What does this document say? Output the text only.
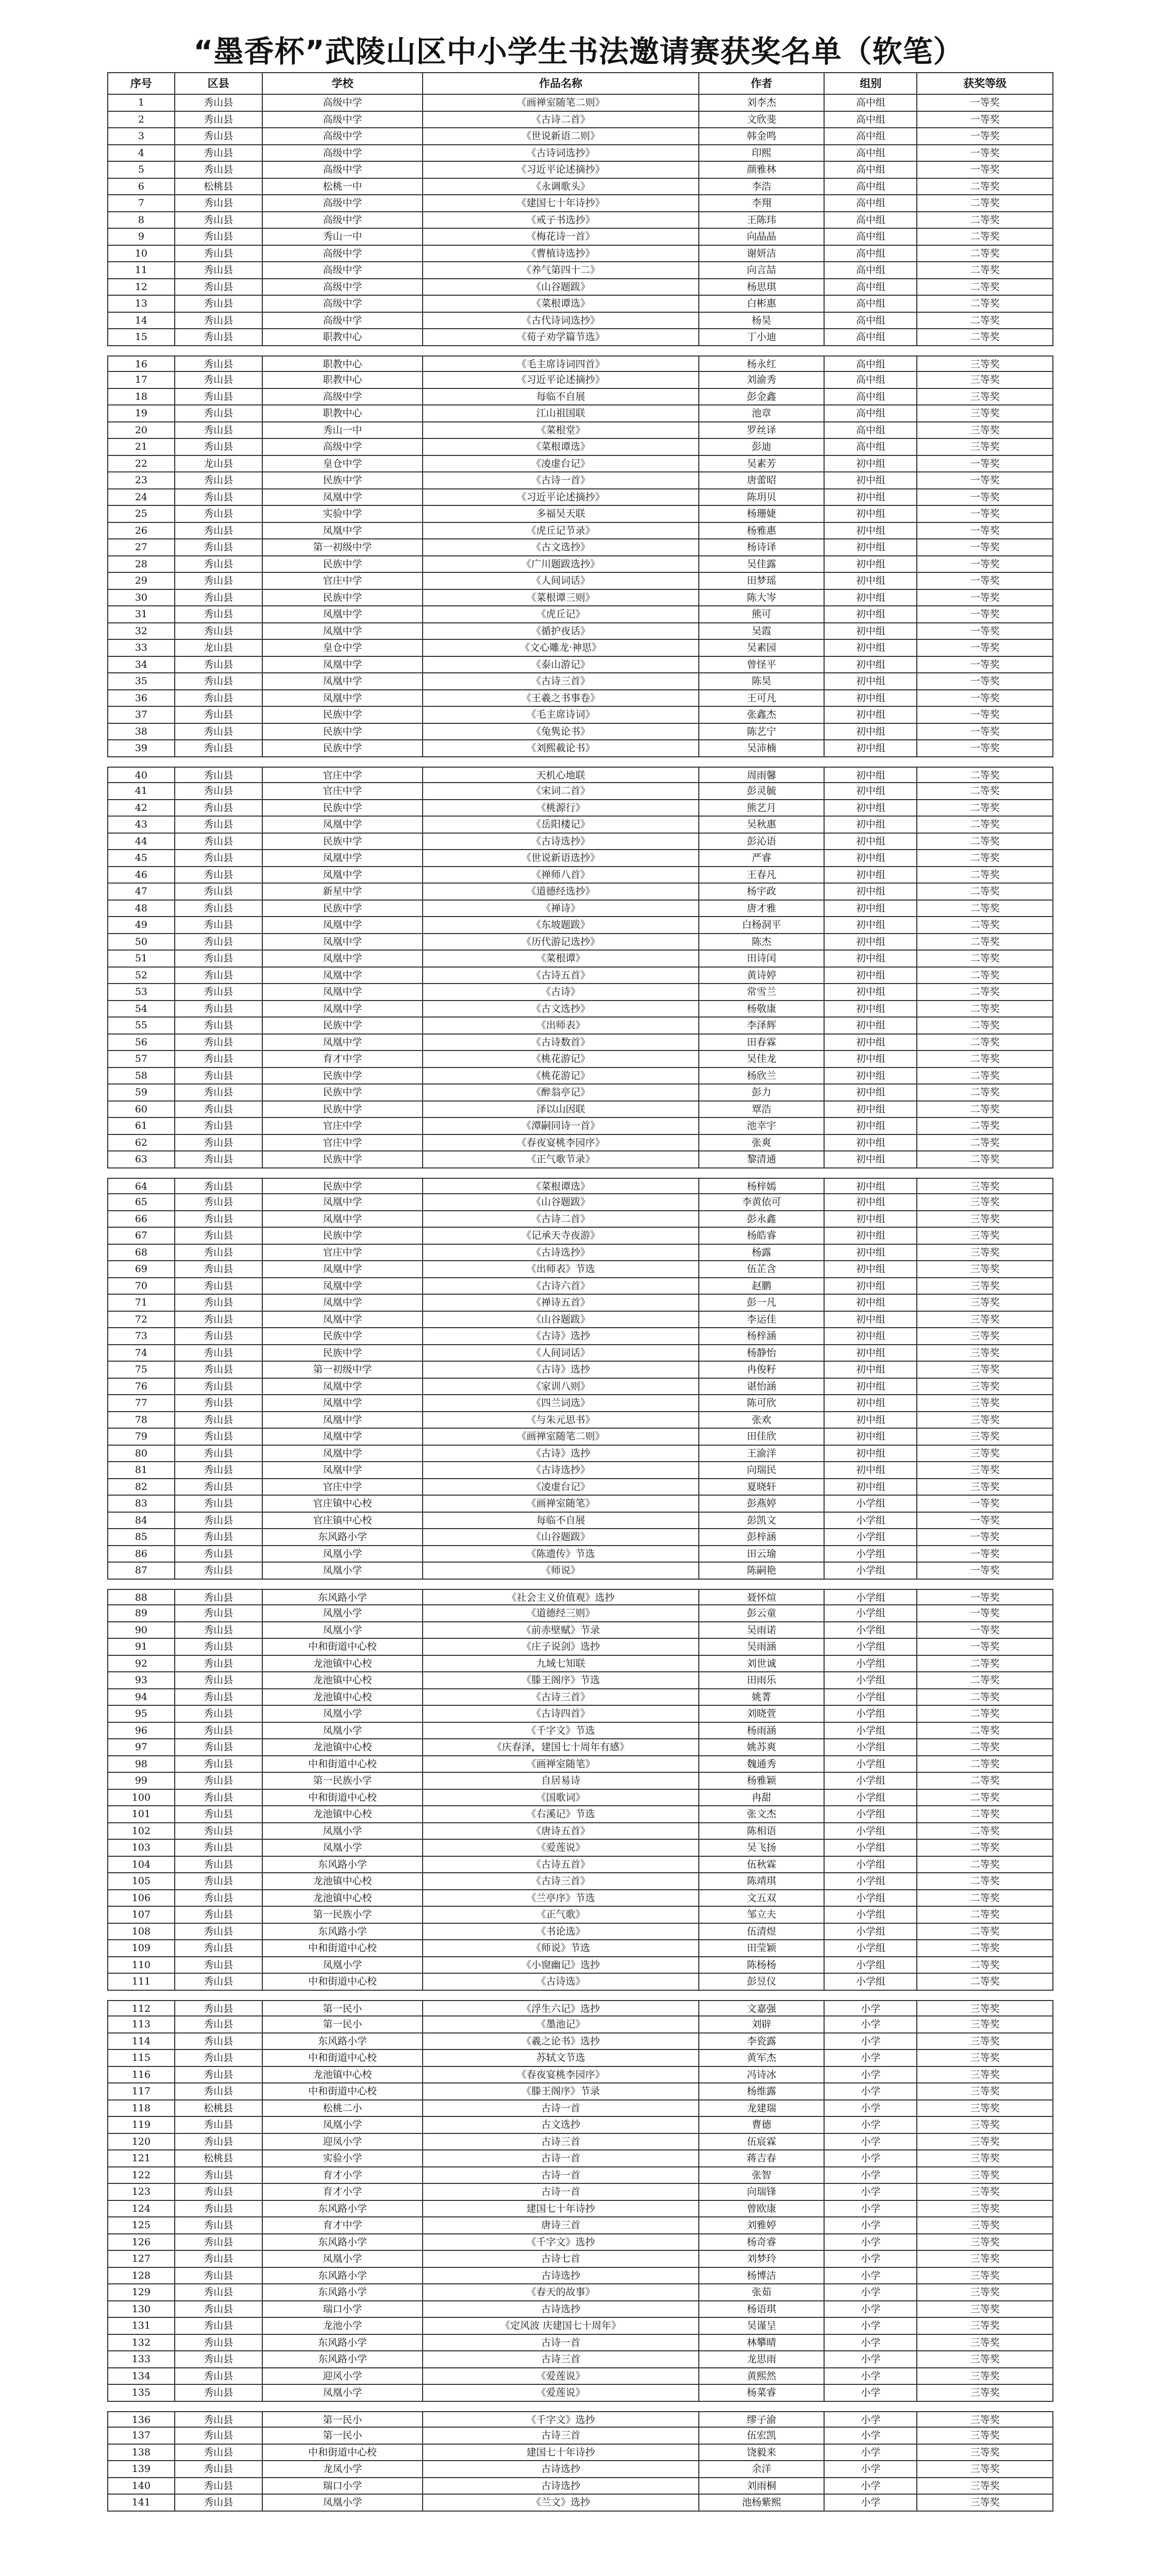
“墨香杯”武陵山区中小学生书法邀请赛获奖名单（软笔）
序号	区县	学校	作品名称	作者	组别	获奖等级
1	秀山县	高级中学	《画禅室随笔二则》	刘李杰	高中组	一等奖
2	秀山县	高级中学	《古诗二首》	文欣斐	高中组	一等奖
3	秀山县	高级中学	《世说新语二则》	韩金鸣	高中组	一等奖
4	秀山县	高级中学	《古诗词选抄》	印熙	高中组	一等奖
5	秀山县	高级中学	《习近平论述摘抄》	颜雅林	高中组	一等奖
6	松桃县	松桃一中	《永调歌头》	李浩	高中组	二等奖
7	秀山县	高级中学	《建国七十年诗抄》	李翔	高中组	二等奖
8	秀山县	高级中学	《戒子书选抄》	王陈玮	高中组	二等奖
9	秀山县	秀山一中	《梅花诗一首》	向晶晶	高中组	二等奖
10	秀山县	高级中学	《曹植诗选抄》	谢妍洁	高中组	二等奖
11	秀山县	高级中学	《养气第四十二》	向言喆	高中组	二等奖
12	秀山县	高级中学	《山谷题跋》	杨思琪	高中组	二等奖
13	秀山县	高级中学	《菜根谭选》	白彬惠	高中组	二等奖
14	秀山县	高级中学	《古代诗词选抄》	杨昊	高中组	二等奖
15	秀山县	职教中心	《荀子劝学篇节选》	丁小迪	高中组	二等奖
16	秀山县	职教中心	《毛主席诗词四首》	杨永红	高中组	三等奖
17	秀山县	职教中心	《习近平论述摘抄》	刘渝秀	高中组	三等奖
18	秀山县	高级中学	每临不自展	彭金鑫	高中组	三等奖
19	秀山县	职教中心	江山祖国联	池章	高中组	三等奖
20	秀山县	秀山一中	《菜根堂》	罗丝译	高中组	三等奖
21	秀山县	高级中学	《菜根谭选》	彭迪	高中组	三等奖
22	龙山县	皇仓中学	《凌虚台记》	吴素芳	初中组	一等奖
23	秀山县	民族中学	《古诗一首》	唐蕾昭	初中组	一等奖
24	秀山县	凤凰中学	《习近平论述摘抄》	陈玥贝	初中组	一等奖
25	秀山县	实验中学	多福吴天联	杨珊婕	初中组	一等奖
26	秀山县	凤凰中学	《虎丘记节录》	杨雅惠	初中组	一等奖
27	秀山县	第一初级中学	《古文选抄》	杨诗译	初中组	一等奖
28	秀山县	民族中学	《广川题跋选抄》	吴佳露	初中组	一等奖
29	秀山县	官庄中学	《人间词话》	田梦瑶	初中组	一等奖
30	秀山县	民族中学	《菜根谭三则》	陈大岑	初中组	一等奖
31	秀山县	凤凰中学	《虎丘记》	熊可	初中组	一等奖
32	秀山县	凤凰中学	《循护夜话》	吴霞	初中组	一等奖
33	龙山县	皇仓中学	《文心雕龙·神思》	吴素园	初中组	一等奖
34	秀山县	凤凰中学	《泰山游记》	曾怪平	初中组	一等奖
35	秀山县	凤凰中学	《古诗三首》	陈昊	初中组	一等奖
36	秀山县	凤凰中学	《王羲之书事卷》	王可凡	初中组	一等奖
37	秀山县	民族中学	《毛主席诗词》	张鑫杰	初中组	一等奖
38	秀山县	民族中学	《兔隽论书》	陈艺宁	初中组	一等奖
39	秀山县	民族中学	《刘熙載论书》	吴沛楠	初中组	一等奖
40	秀山县	官庄中学	天机心地联	周雨馨	初中组	二等奖
41	秀山县	官庄中学	《宋词二首》	彭灵毓	初中组	二等奖
42	秀山县	民族中学	《桃源行》	熊艺月	初中组	二等奖
43	秀山县	凤凰中学	《岳阳楼记》	吴秋惠	初中组	二等奖
44	秀山县	民族中学	《古诗选抄》	彭沁语	初中组	二等奖
45	秀山县	凤凰中学	《世说新语选抄》	严睿	初中组	二等奖
46	秀山县	凤凰中学	《禅师八首》	王春凡	初中组	二等奖
47	秀山县	新星中学	《道德经选抄》	杨宇政	初中组	二等奖
48	秀山县	民族中学	《禅诗》	唐才雅	初中组	二等奖
49	秀山县	凤凰中学	《东坡题跋》	白杨洞平	初中组	二等奖
50	秀山县	凤凰中学	《历代游记选抄》	陈杰	初中组	二等奖
51	秀山县	凤凰中学	《菜根谭》	田诗闰	初中组	二等奖
52	秀山县	凤凰中学	《古诗五首》	黄诗婷	初中组	二等奖
53	秀山县	凤凰中学	《古诗》	常雪兰	初中组	二等奖
54	秀山县	凤凰中学	《古文选抄》	杨敬康	初中组	二等奖
55	秀山县	民族中学	《出师表》	李泽辉	初中组	二等奖
56	秀山县	凤凰中学	《古诗数首》	田春霖	初中组	二等奖
57	秀山县	育才中学	《桃花游记》	吴佳龙	初中组	二等奖
58	秀山县	民族中学	《桃花游记》	杨欣兰	初中组	二等奖
59	秀山县	民族中学	《醉翁亭记》	彭力	初中组	二等奖
60	秀山县	民族中学	泽以山因联	覃浩	初中组	二等奖
61	秀山县	官庄中学	《潭嗣同诗一首》	池幸宇	初中组	二等奖
62	秀山县	官庄中学	《春夜宴桃李园序》	张爽	初中组	二等奖
63	秀山县	民族中学	《正气歌节录》	黎清通	初中组	二等奖
64	秀山县	民族中学	《菜根谭选》	杨梓嫣	初中组	三等奖
65	秀山县	凤凰中学	《山谷题跋》	李黄依可	初中组	三等奖
66	秀山县	凤凰中学	《古诗二首》	彭永鑫	初中组	三等奖
67	秀山县	民族中学	《记承天寺夜游》	杨皓睿	初中组	三等奖
68	秀山县	官庄中学	《古诗选抄》	杨露	初中组	三等奖
69	秀山县	凤凰中学	《出师表》节选	伍芷含	初中组	三等奖
70	秀山县	凤凰中学	《古诗六首》	赵鹏	初中组	三等奖
71	秀山县	凤凰中学	《禅诗五首》	彭一凡	初中组	三等奖
72	秀山县	凤凰中学	《山谷题跋》	李运佳	初中组	三等奖
73	秀山县	民族中学	《古诗》选抄	杨梓涵	初中组	三等奖
74	秀山县	民族中学	《人间词话》	杨静怡	初中组	三等奖
75	秀山县	第一初级中学	《古诗》选抄	冉俊籽	初中组	三等奖
76	秀山县	凤凰中学	《家训八则》	谌怡涵	初中组	三等奖
77	秀山县	凤凰中学	《四兰词选》	陈可欣	初中组	三等奖
78	秀山县	凤凰中学	《与朱元思书》	张欢	初中组	三等奖
79	秀山县	凤凰中学	《画禅室随笔二则》	田佳欣	初中组	三等奖
80	秀山县	凤凰中学	《古诗》选抄	王渝洋	初中组	三等奖
81	秀山县	凤凰中学	《古诗选抄》	向瑞民	初中组	三等奖
82	秀山县	官庄中学	《凌虚台记》	夏晓轩	初中组	三等奖
83	秀山县	官庄镇中心校	《画禅室随笔》	彭燕婷	小学组	一等奖
84	秀山县	官庄镇中心校	每临不自展	彭凯文	小学组	一等奖
85	秀山县	东风路小学	《山谷题跋》	彭梓涵	小学组	一等奖
86	秀山县	凤凰小学	《陈遗传》节选	田云瑜	小学组	一等奖
87	秀山县	凤凰小学	《师说》	陈嗣艳	小学组	一等奖
88	秀山县	东风路小学	《社会主义价值观》选抄	聂怀煊	小学组	一等奖
89	秀山县	凤凰小学	《道德经三则》	彭云童	小学组	一等奖
90	秀山县	凤凰小学	《前赤壁赋》节录	吴雨诺	小学组	一等奖
91	秀山县	中和街道中心校	《庄子说剑》选抄	吴雨涵	小学组	一等奖
92	秀山县	龙池镇中心校	九域七知联	刘世诚	小学组	二等奖
93	秀山县	龙池镇中心校	《滕王阁序》节选	田雨乐	小学组	二等奖
94	秀山县	龙池镇中心校	《古诗三首》	姚菁	小学组	二等奖
95	秀山县	凤凰小学	《古诗四首》	刘晓萱	小学组	二等奖
96	秀山县	凤凰小学	《千字文》节选	杨雨涵	小学组	二等奖
97	秀山县	龙池镇中心校	《庆春泽，建国七十周年有感》	姚苏爽	小学组	二等奖
98	秀山县	中和街道中心校	《画禅室随笔》	魏通秀	小学组	二等奖
99	秀山县	第一民族小学	自居易诗	杨雅颖	小学组	二等奖
100	秀山县	中和街道中心校	《国歌词》	冉甜	小学组	二等奖
101	秀山县	龙池镇中心校	《右溪记》节选	张文杰	小学组	二等奖
102	秀山县	凤凰小学	《唐诗五首》	陈相语	小学组	二等奖
103	秀山县	凤凰小学	《爱莲说》	吴飞扬	小学组	二等奖
104	秀山县	东风路小学	《古诗五首》	伍秋霖	小学组	二等奖
105	秀山县	龙池镇中心校	《古诗三首》	陈靖琪	小学组	二等奖
106	秀山县	龙池镇中心校	《兰亭序》节选	文五双	小学组	二等奖
107	秀山县	第一民族小学	《正气歌》	邹立夫	小学组	二等奖
108	秀山县	东风路小学	《书论选》	伍清煜	小学组	二等奖
109	秀山县	中和街道中心校	《师说》节选	田莹颖	小学组	二等奖
110	秀山县	凤凰小学	《小窗幽记》选抄	陈杨杨	小学组	二等奖
111	秀山县	中和街道中心校	《古诗选》	彭昱仪	小学组	二等奖
112	秀山县	第一民小	《浮生六记》选抄	文嘉强	小学	三等奖
113	秀山县	第一民小	《墨池记》	刘辟	小学	三等奖
114	秀山县	东风路小学	《羲之论书》选抄	李瓷露	小学	三等奖
115	秀山县	中和街道中心校	苏轼文节选	黄军杰	小学	三等奖
116	秀山县	龙池镇中心校	《春夜宴桃李园序》	冯诗冰	小学	三等奖
117	秀山县	中和街道中心校	《滕王阁序》节录	杨维露	小学	三等奖
118	松桃县	松桃二小	古诗一首	龙建瑞	小学	三等奖
119	秀山县	凤凰小学	古文选抄	曹德	小学	三等奖
120	秀山县	迎凤小学	古诗三首	伍宸霖	小学	三等奖
121	松桃县	实验小学	古诗一首	蒋吉春	小学	三等奖
122	秀山县	育才小学	古诗一首	张智	小学	三等奖
123	秀山县	育才小学	古诗一首	向瑞锋	小学	三等奖
124	秀山县	东风路小学	建国七十年诗抄	曾欧康	小学	三等奖
125	秀山县	育才中学	唐诗三首	刘雅婷	小学	三等奖
126	秀山县	东风路小学	《千字文》选抄	杨奇睿	小学	三等奖
127	秀山县	凤凰小学	古诗七首	刘梦玲	小学	三等奖
128	秀山县	东风路小学	古诗选抄	杨博洁	小学	三等奖
129	秀山县	东风路小学	《春天的故事》	张茹	小学	三等奖
130	秀山县	瑞口小学	古诗选抄	杨语琪	小学	三等奖
131	秀山县	龙池小学	《定风波 庆建国七十周年》	吴谨呈	小学	三等奖
132	秀山县	东风路小学	古诗一首	林攀晴	小学	三等奖
133	秀山县	东风路小学	古诗三首	龙思雨	小学	三等奖
134	秀山县	迎风小学	《爱莲说》	黄熙然	小学	三等奖
135	秀山县	凤凰小学	《爱莲说》	杨菜睿	小学	三等奖
136	秀山县	第一民小	《千字文》选抄	缪子渝	小学	三等奖
137	秀山县	第一民小	古诗三首	伍宏凯	小学	三等奖
138	秀山县	中和街道中心校	建国七十年诗抄	饶毅来	小学	三等奖
139	秀山县	龙凤小学	古诗选抄	余洋	小学	三等奖
140	秀山县	瑞口小学	古诗选抄	刘雨桐	小学	三等奖
141	秀山县	凤凰小学	《兰文》选抄	池杨紫熙	小学	三等奖
